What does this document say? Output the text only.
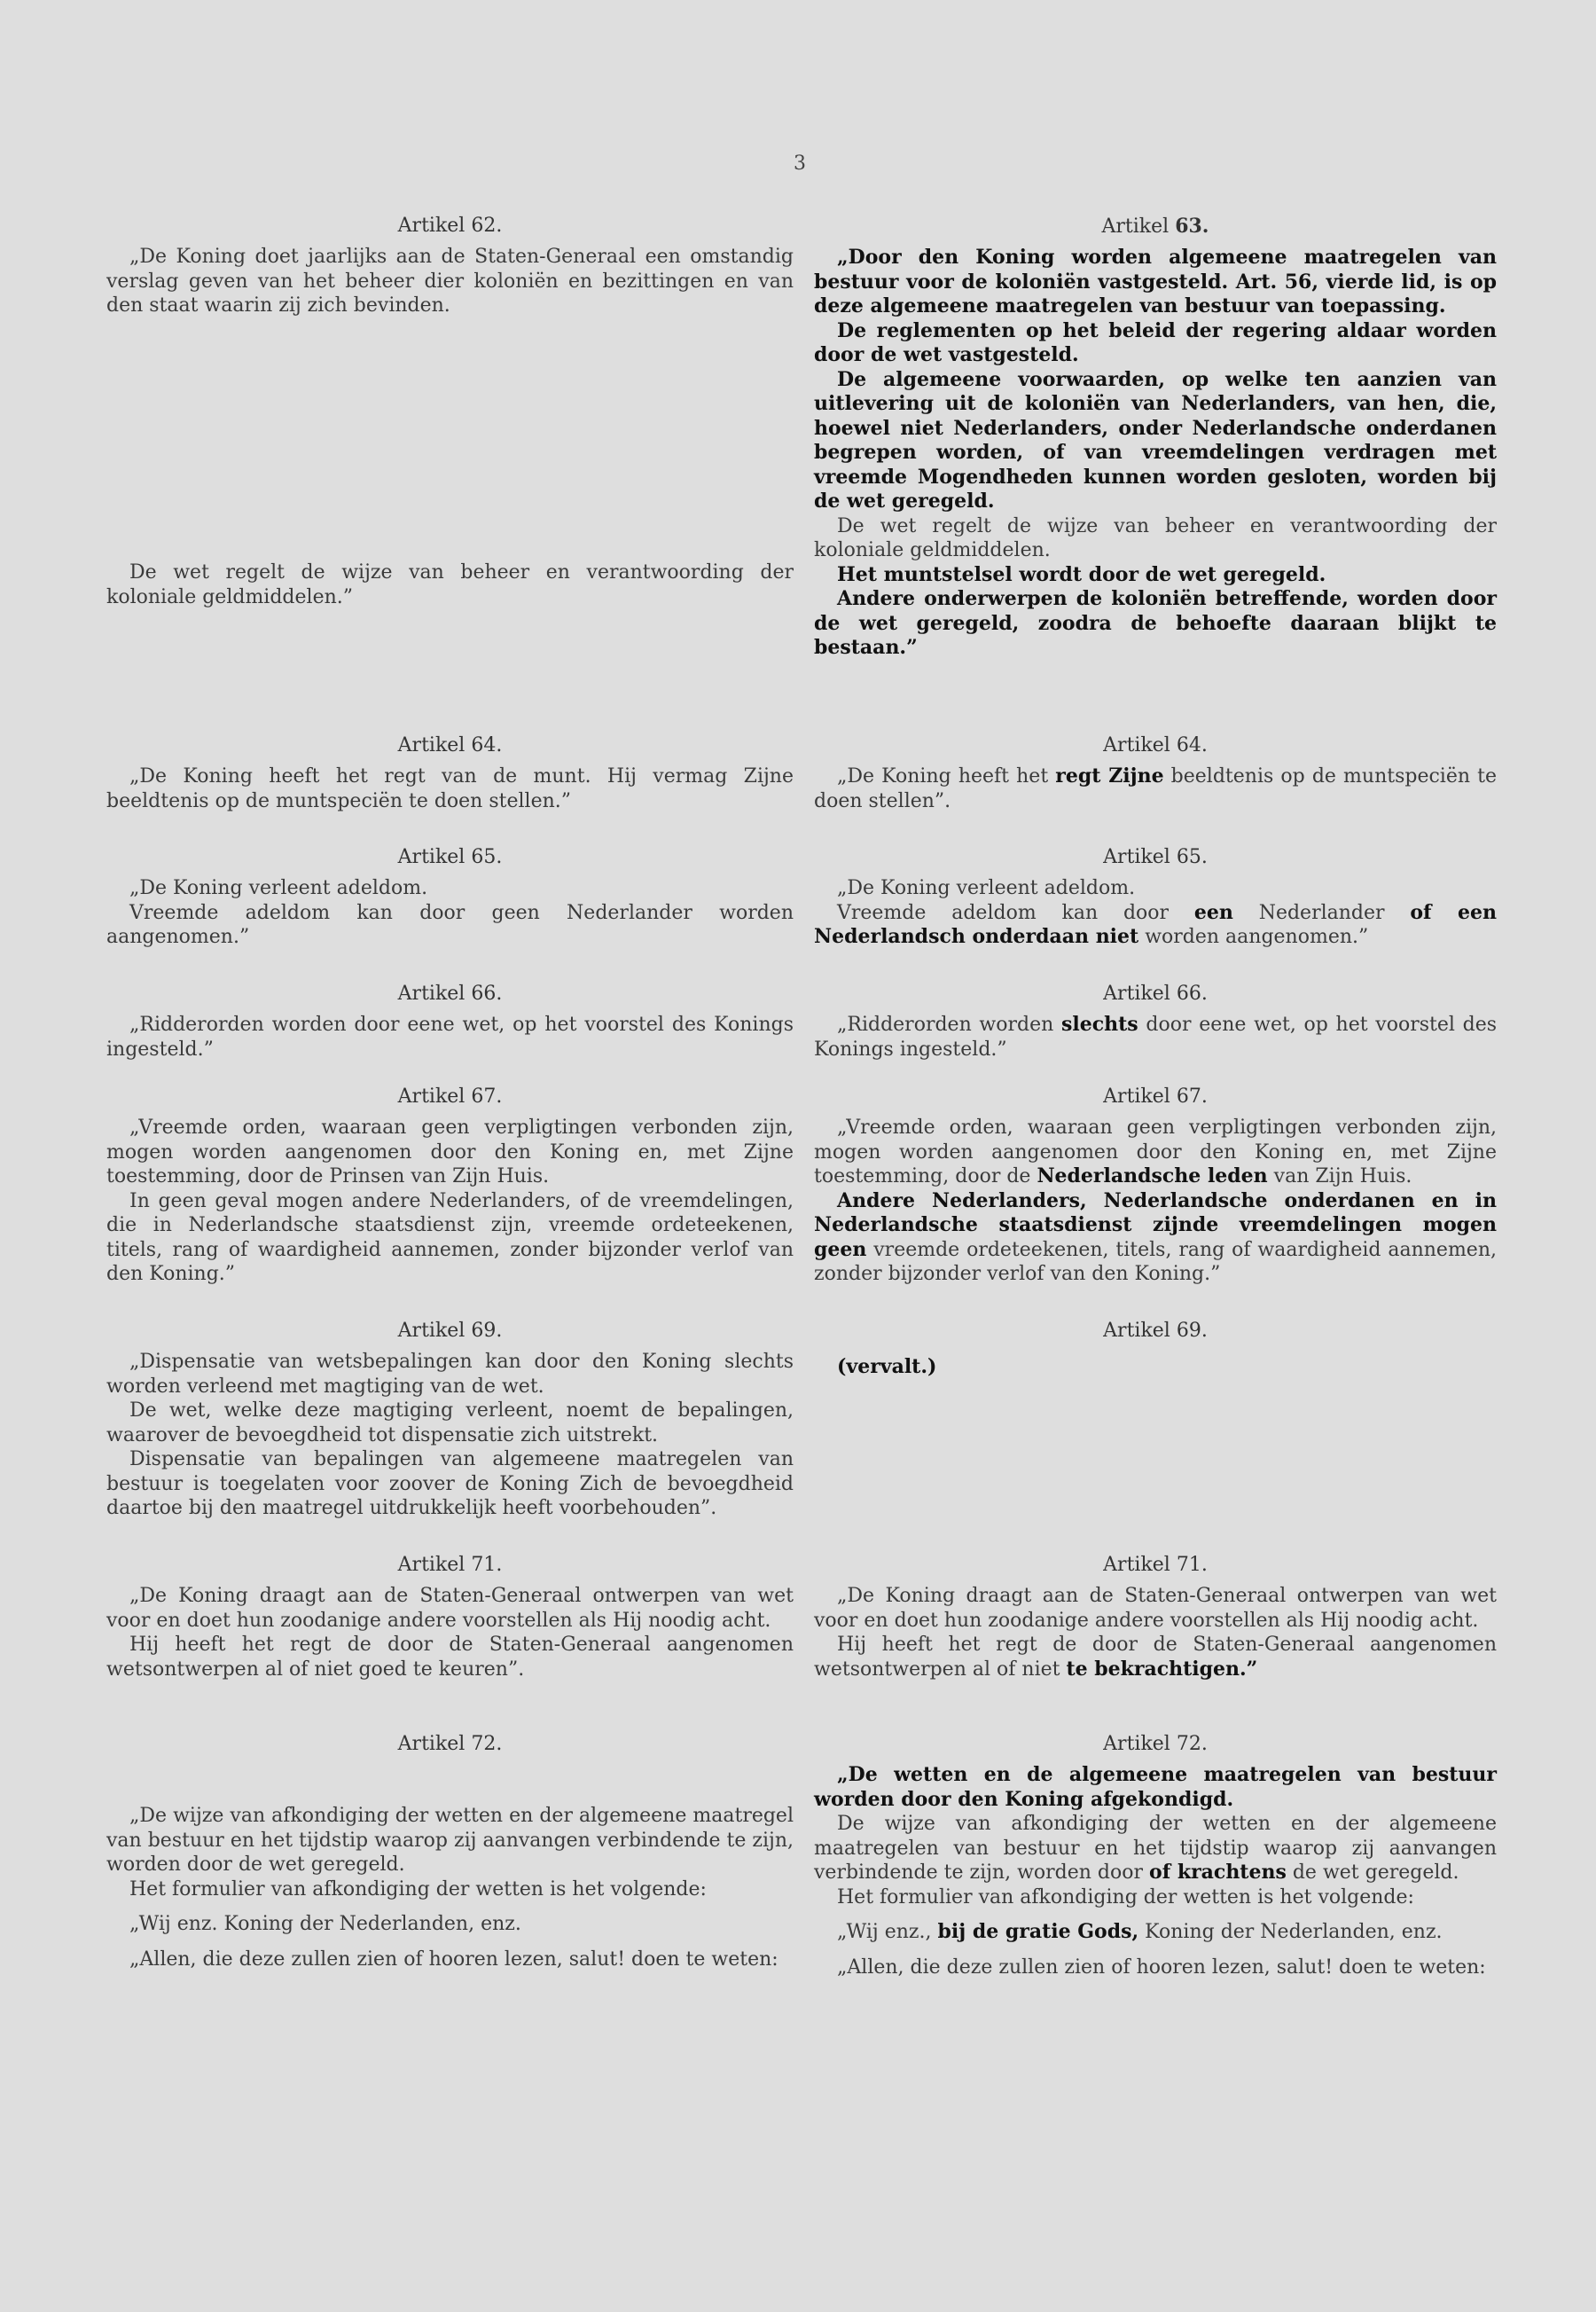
3
Artikel 62.

„De Koning doet jaarlijks aan de Staten-Generaal een omstandig verslag geven van het beheer dier koloniën en bezittingen en van den staat waarin zij zich bevinden.

De wet regelt de wijze van beheer en verantwoording der koloniale geldmiddelen.”

Artikel 64.

„De Koning heeft het regt van de munt. Hij vermag Zijne beeldtenis op de muntspeciën te doen stellen.”

Artikel 65.

„De Koning verleent adeldom.

Vreemde adeldom kan door geen Nederlander worden aangenomen.”

Artikel 66.

„Ridderorden worden door eene wet, op het voorstel des Konings ingesteld.”

Artikel 67.

„Vreemde orden, waaraan geen verpligtingen verbonden zijn, mogen worden aangenomen door den Koning en, met Zijne toestemming, door de Prinsen van Zijn Huis.

In geen geval mogen andere Nederlanders, of de vreemdelingen, die in Nederlandsche staatsdienst zijn, vreemde ordeteekenen, titels, rang of waardigheid aannemen, zonder bijzonder verlof van den Koning.”

Artikel 69.

„Dispensatie van wetsbepalingen kan door den Koning slechts worden verleend met magtiging van de wet.

De wet, welke deze magtiging verleent, noemt de bepalingen, waarover de bevoegdheid tot dispensatie zich uitstrekt.

Dispensatie van bepalingen van algemeene maatregelen van bestuur is toegelaten voor zoover de Koning Zich de bevoegdheid daartoe bij den maatregel uitdrukkelijk heeft voorbehouden”.

Artikel 71.

„De Koning draagt aan de Staten-Generaal ontwerpen van wet voor en doet hun zoodanige andere voorstellen als Hij noodig acht.

Hij heeft het regt de door de Staten-Generaal aangenomen wetsontwerpen al of niet goed te keuren”.

Artikel 72.

„De wijze van afkondiging der wetten en der algemeene maatregel van bestuur en het tijdstip waarop zij aanvangen verbindende te zijn, worden door de wet geregeld.

Het formulier van afkondiging der wetten is het volgende:

„Wij enz. Koning der Nederlanden, enz.

„Allen, die deze zullen zien of hooren lezen, salut! doen te weten:

Artikel 63.

„Door den Koning worden algemeene maatregelen van bestuur voor de koloniën vastgesteld. Art. 56, vierde lid, is op deze algemeene maatregelen van bestuur van toepassing.

De reglementen op het beleid der regering aldaar worden door de wet vastgesteld.

De algemeene voorwaarden, op welke ten aanzien van uitlevering uit de koloniën van Nederlanders, van hen, die, hoewel niet Nederlanders, onder Nederlandsche onderdanen begrepen worden, of van vreemdelingen verdragen met vreemde Mogendheden kunnen worden gesloten, worden bij de wet geregeld.

De wet regelt de wijze van beheer en verantwoording der koloniale geldmiddelen.

Het muntstelsel wordt door de wet geregeld.

Andere onderwerpen de koloniën betreffende, worden door de wet geregeld, zoodra de behoefte daaraan blijkt te bestaan.”

Artikel 64.

„De Koning heeft het regt Zijne beeldtenis op de muntspeciën te doen stellen”.

Artikel 65.

„De Koning verleent adeldom.

Vreemde adeldom kan door een Nederlander of een Nederlandsch onderdaan niet worden aangenomen.”

Artikel 66.

„Ridderorden worden slechts door eene wet, op het voorstel des Konings ingesteld.”

Artikel 67.

„Vreemde orden, waaraan geen verpligtingen verbonden zijn, mogen worden aangenomen door den Koning en, met Zijne toestemming, door de Nederlandsche leden van Zijn Huis.

Andere Nederlanders, Nederlandsche onderdanen en in Nederlandsche staatsdienst zijnde vreemdelingen mogen geen vreemde ordeteekenen, titels, rang of waardigheid aannemen, zonder bijzonder verlof van den Koning.”

Artikel 69.
(vervalt.)
Artikel 71.

„De Koning draagt aan de Staten-Generaal ontwerpen van wet voor en doet hun zoodanige andere voorstellen als Hij noodig acht.

Hij heeft het regt de door de Staten-Generaal aangenomen wetsontwerpen al of niet te bekrachtigen.”

Artikel 72.

„De wetten en de algemeene maatregelen van bestuur worden door den Koning afgekondigd.

De wijze van afkondiging der wetten en der algemeene maatregelen van bestuur en het tijdstip waarop zij aanvangen verbindende te zijn, worden door of krachtens de wet geregeld.

Het formulier van afkondiging der wetten is het volgende:

„Wij enz., bij de gratie Gods, Koning der Nederlanden, enz.

„Allen, die deze zullen zien of hooren lezen, salut! doen te weten:
